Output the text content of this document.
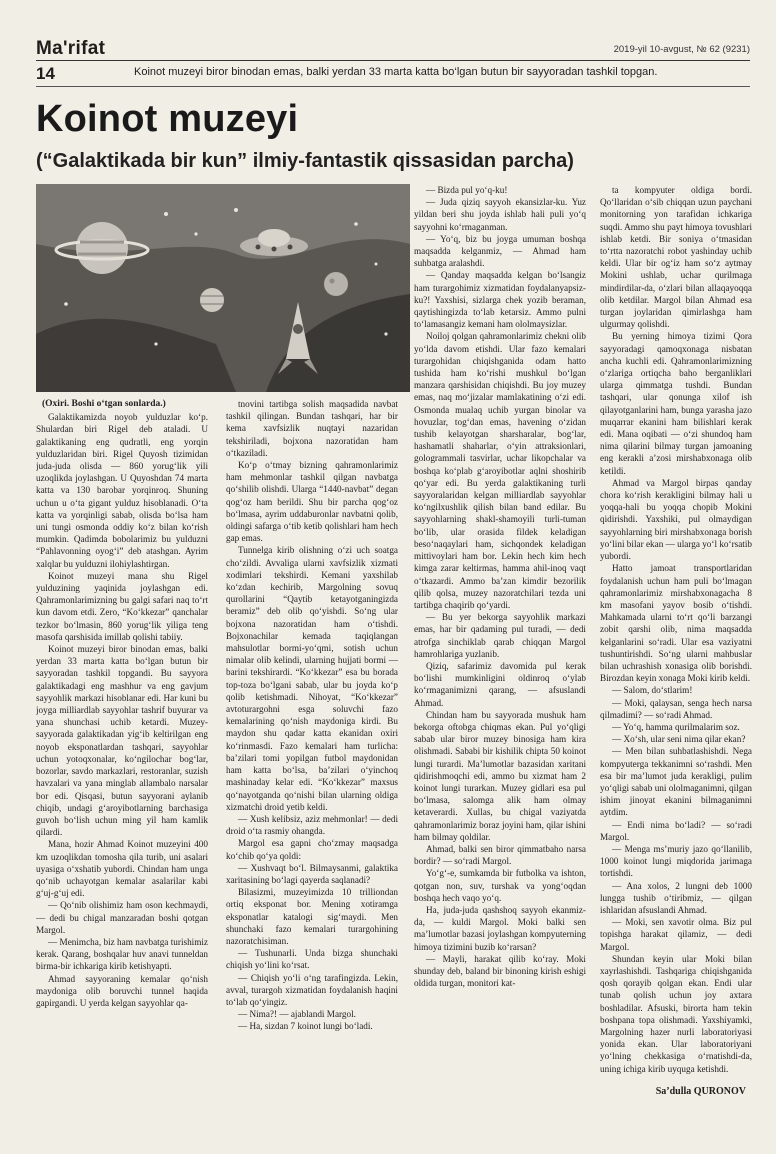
Ma'rifat	2019-yil 10-avgust, № 62 (9231)
14	Koinot muzeyi biror binodan emas, balki yerdan 33 marta katta bo‘lgan butun bir sayyoradan tashkil topgan.
Koinot muzeyi
(“Galaktikada bir kun” ilmiy-fantastik qissasidan parcha)
(Oxiri. Boshi o‘tgan sonlarda.)

Galaktikamizda noyob yulduzlar ko‘p. Shulardan biri Rigel deb ataladi. U galaktikaning eng qudratli, eng yorqin yulduzlaridan biri. Rigel Quyosh tizimidan juda-juda olisda — 860 yorug‘lik yili uzoqlikda joylashgan. U Quyoshdan 74 marta katta va 130 barobar yorqinroq. Shuning uchun u o‘ta gigant yulduz hisoblanadi. O‘ta katta va yorqinligi sabab, olisda bo‘lsa ham uni tungi osmonda oddiy ko‘z bilan ko‘rish mumkin. Qadimda bobolarimiz bu yulduzni “Pahlavonning oyog‘i” deb atashgan. Ayrim xalqlar bu yulduzni ilohiylashtirgan.

Koinot muzeyi mana shu Rigel yulduzining yaqinida joylashgan edi. Qahramonlarimizning bu galgi safari naq to‘rt kun davom etdi. Zero, “Ko‘kkezar” qanchalar tezkor bo‘lmasin, 860 yorug‘lik yiliga teng masofa qarshisida imillab qolishi tabiiy.

Koinot muzeyi biror binodan emas, balki yerdan 33 marta katta bo‘lgan butun bir sayyoradan tashkil topgandi. Bu sayyora galaktikadagi eng mashhur va eng gavjum sayyohlik markazi hisoblanar edi. Har kuni bu joyga milliardlab sayyohlar tashrif buyurar va yana shunchasi uchib ketardi. Muzey-sayyorada galaktikadan yig‘ib keltirilgan eng noyob eksponatlardan tashqari, sayyohlar uchun yotoqxonalar, ko‘ngilochar bog‘lar, bozorlar, savdo markazlari, restoranlar, suzish havzalari va yana minglab allambalo narsalar bor edi. Qisqasi, butun sayyorani aylanib chiqib, undagi g‘aroyibotlarning barchasiga guvoh bo‘lish uchun ming yil ham kamlik qilardi.

Mana, hozir Ahmad Koinot muzeyini 400 km uzoqlikdan tomosha qila turib, uni asalari uyasiga o‘xshatib yubordi. Chindan ham unga qo‘nib uchayotgan kemalar asalarilar kabi g‘uj-g‘uj edi.

— Qo‘nib olishimiz ham oson kechmaydi, — dedi bu chigal manzaradan boshi qotgan Margol.

— Menimcha, biz ham navbatga turishimiz kerak. Qarang, boshqalar huv anavi tunneldan birma-bir ichkariga kirib ketishyapti.

Ahmad sayyoraning kemalar qo‘nish maydoniga olib boruvchi tunnel haqida gapirgandi. U yerda kelgan sayyohlar qa-

tnovini tartibga solish maqsadida navbat tashkil qilingan. Bundan tashqari, har bir kema xavfsizlik nuqtayi nazaridan tekshiriladi, bojxona nazoratidan ham o‘tkaziladi.

Ko‘p o‘tmay bizning qahramonlarimiz ham mehmonlar tashkil qilgan navbatga qo‘shilib olishdi. Ularga “1440-navbat” degan qog‘oz ham berildi. Shu bir parcha qog‘oz bo‘lmasa, ayrim uddaburonlar navbatni qolib, oldingi safarga o‘tib ketib qolishlari ham hech gap emas.

Tunnelga kirib olishning o‘zi uch soatga cho‘zildi. Avvaliga ularni xavfsizlik xizmati xodimlari tekshirdi. Kemani yaxshilab ko‘zdan kechirib, Margolning sovuq qurollarini “Qaytib ketayotganingizda beramiz” deb olib qo‘yishdi. So‘ng ular bojxona nazoratidan ham o‘tishdi. Bojxonachilar kemada taqiqlangan mahsulotlar bormi-yo‘qmi, sotish uchun nimalar olib kelindi, ularning hujjati bormi — barini tekshirardi. “Ko‘kkezar” esa bu borada top-toza bo‘lgani sabab, ular bu joyda ko‘p qolib ketishmadi. Nihoyat, “Ko‘kkezar” avtoturargohni esga soluvchi fazo kemalarining qo‘nish maydoniga kirdi. Bu maydon shu qadar katta ekanidan oxiri ko‘rinmasdi. Fazo kemalari ham turlicha: ba’zilari tomi yopilgan futbol maydonidan ham katta bo‘lsa, ba’zilari o‘yinchoq mashinaday kelar edi. “Ko‘kkezar” maxsus qo‘nayotganda qo‘nishi bilan ularning oldiga xizmatchi droid yetib keldi.

— Xush kelibsiz, aziz mehmonlar! — dedi droid o‘ta rasmiy ohangda.

Margol esa gapni cho‘zmay maqsadga ko‘chib qo‘ya qoldi:

— Xushvaqt bo‘l. Bilmaysanmi, galaktika xaritasining bo‘lagi qayerda saqlanadi?

Bilasizmi, muzeyimizda 10 trilliondan ortiq eksponat bor. Mening xotiramga eksponatlar katalogi sig‘maydi. Men shunchaki fazo kemalari turargohining nazoratchisiman.

— Tushunarli. Unda bizga shunchaki chiqish yo‘lini ko‘rsat.

— Chiqish yo‘li o‘ng tarafingizda. Lekin, avval, turargoh xizmatidan foydalanish haqini to‘lab qo‘yingiz.

— Nima?! — ajablandi Margol.

— Ha, sizdan 7 koinot lungi bo‘ladi.

— Bizda pul yo‘q-ku!

— Juda qiziq sayyoh ekansizlar-ku. Yuz yildan beri shu joyda ishlab hali puli yo‘q sayyohni ko‘rmaganman.

— Yo‘q, biz bu joyga umuman boshqa maqsadda kelganmiz, — Ahmad ham suhbatga aralashdi.

— Qanday maqsadda kelgan bo‘lsangiz ham turargohimiz xizmatidan foydalanyapsiz-ku?! Yaxshisi, sizlarga chek yozib beraman, qaytishingizda to‘lab ketarsiz. Ammo pulni to‘lamasangiz kemani ham ololmaysizlar.

Noiloj qolgan qahramonlarimiz chekni olib yo‘lda davom etishdi. Ular fazo kemalari turargohidan chiqishganida odam hatto tushida ham ko‘rishi mushkul bo‘lgan manzara qarshisidan chiqishdi. Bu joy muzey emas, naq mo‘jizalar mamlakatining o‘zi edi. Osmonda mualaq uchib yurgan binolar va hovuzlar, tog‘dan emas, havening o‘zidan tushib kelayotgan sharsharalar, bog‘lar, hashamatli shaharlar, o‘yin attraksionlari, gologrammali tasvirlar, uchar likopchalar va boshqa ko‘plab g‘aroyibotlar aqlni shoshirib qo‘yar edi. Bu yerda galaktikaning turli sayyoralaridan kelgan milliardlab sayyohlar ko‘ngilxushlik qilish bilan band edilar. Bu sayyohlarning shakl-shamoyili turli-tuman bo‘lib, ular orasida fildek keladigan beso‘naqaylari ham, sichqondek keladigan mittivoylari ham bor. Lekin hech kim hech kimga zarar keltirmas, hamma ahil-inoq vaqt o‘tkazardi. Ammo ba’zan kimdir bezorilik qilib qolsa, muzey nazoratchilari tezda uni tartibga chaqirib qo‘yardi.

— Bu yer bekorga sayyohlik markazi emas, har bir qadaming pul turadi, — dedi atrofga sinchiklab qarab chiqqan Margol hamrohlariga yuzlanib.

Qiziq, safarimiz davomida pul kerak bo‘lishi mumkinligini oldinroq o‘ylab ko‘rmaganimizni qarang, — afsuslandi Ahmad.

Chindan ham bu sayyorada mushuk ham bekorga oftobga chiqmas ekan. Pul yo‘qligi sabab ular biror muzey binosiga ham kira olishmadi. Sababi bir kishilik chipta 50 koinot lungi turardi. Ma’lumotlar bazasidan xaritani qidirishmoqchi edi, ammo bu xizmat ham 2 koinot lungi turarkan. Muzey gidlari esa pul bo‘lmasa, salomga alik ham olmay ketaverardi. Xullas, bu chigal vaziyatda qahramonlarimiz boraz joyini ham, qilar ishini ham bilmay qoldilar.

Ahmad, balki sen biror qimmatbaho narsa bordir? — so‘radi Margol.

Yo‘g‘-e, sumkamda bir futbolka va ishton, qotgan non, suv, turshak va yong‘oqdan boshqa hech vaqo yo‘q.

Ha, juda-juda qashshoq sayyoh ekanmiz-da, — kuldi Margol. Moki balki sen ma’lumotlar bazasi joylashgan kompyuterning himoya tizimini buzib ko‘rarsan?

— Mayli, harakat qilib ko‘ray. Moki shunday deb, baland bir binoning kirish eshigi oldida turgan, monitori kat-

ta kompyuter oldiga bordi. Qo‘llaridan o‘sib chiqqan uzun paychani monitorning yon tarafidan ichkariga suqdi. Ammo shu payt himoya tovushlari ishlab ketdi. Bir soniya o‘tmasidan to‘rtta nazoratchi robot yashinday uchib keldi. Ular bir og‘iz ham so‘z aytmay Mokini ushlab, uchar qurilmaga mindirdilar-da, o‘zlari bilan allaqayoqqa olib ketdilar. Margol bilan Ahmad esa turgan joylaridan qimirlashga ham ulgurmay qolishdi.

Bu yerning himoya tizimi Qora sayyoradagi qamoqxonaga nisbatan ancha kuchli edi. Qahramonlarimizning o‘zlariga ortiqcha baho berganliklari ularga qimmatga tushdi. Bundan tashqari, ular qonunga xilof ish qilayotganlarini ham, bunga yarasha jazo muqarrar ekanini ham bilishlari kerak edi. Mana oqibati — o‘zi shundoq ham nima qilarini bilmay turgan jamoaning eng kerakli a’zosi mirshabxonaga olib ketildi.

Ahmad va Margol birpas qanday chora ko‘rish kerakligini bilmay hali u yoqqa-hali bu yoqqa chopib Mokini qidirishdi. Yaxshiki, pul olmaydigan sayyohlarning biri mirshabxonaga borish yo‘lini bilar ekan — ularga yo‘l ko‘rsatib yubordi.

Hatto jamoat transportlaridan foydalanish uchun ham puli bo‘lmagan qahramonlarimiz mirshabxonagacha 8 km masofani yayov bosib o‘tishdi. Mahkamada ularni to‘rt qo‘li barzangi zobit qarshi olib, nima maqsadda kelganlarini so‘radi. Ular esa vaziyatni tushuntirishdi. So‘ng ularni mahbuslar bilan uchrashish xonasiga olib borishdi. Birozdan keyin xonaga Moki kirib keldi.

— Salom, do‘stlarim!

— Moki, qalaysan, senga hech narsa qilmadimi? — so‘radi Ahmad.

— Yo‘q, hamma qurilmalarim soz.

— Xo‘sh, ular seni nima qilar ekan?

— Men bilan suhbatlashishdi. Nega kompyuterga tekkanimni so‘rashdi. Men esa bir ma’lumot juda kerakligi, pulim yo‘qligi sabab uni ololmaganimni, qilgan ishim jinoyat ekanini bilmaganimni aytdim.

— Endi nima bo‘ladi? — so‘radi Margol.

— Menga ms’muriy jazo qo‘llanilib, 1000 koinot lungi miqdorida jarimaga tortishdi.

— Ana xolos, 2 lungni deb 1000 lungga tushib o‘tiribmiz, — qilgan ishlaridan afsuslandi Ahmad.

— Moki, sen xavotir olma. Biz pul topishga harakat qilamiz, — dedi Margol.

Shundan keyin ular Moki bilan xayrlashishdi. Tashqariga chiqishganida qosh qorayib qolgan ekan. Endi ular tunab qolish uchun joy axtara boshladilar. Afsuski, birorta ham tekin boshpana topa olishmadi. Yaxshiyamki, Margolning hazer nurli laboratoriyasi yonida ekan. Ular laboratoriyani yo‘lning chekkasiga o‘rnatishdi-da, uning ichiga kirib uyquga ketishdi.

Sa’dulla QURONOV
